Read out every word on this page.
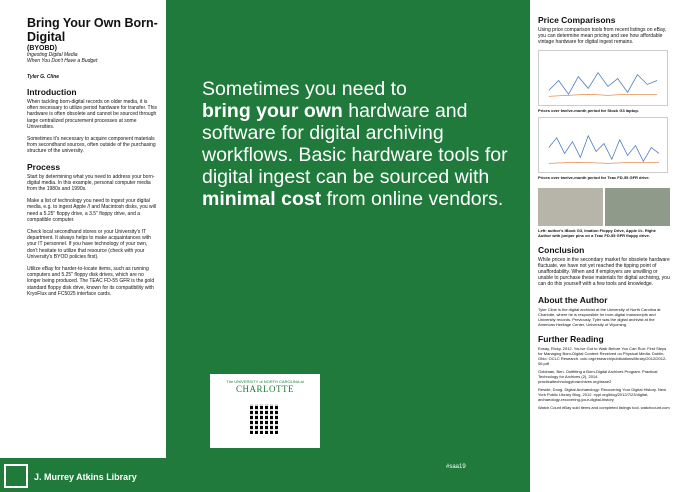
Bring Your Own Born- Digital
(BYOBD)
Ingesting Digital Media
When You Don't Have a Budget
Tyler G. Cline
Introduction

When tackling born-digital records on older media, it is often necessary to utilize period hardware for transfer. This hardware is often obsolete and cannot be sourced through large centralized procurement processes at some Universities.

Sometimes it's necessary to acquire component materials from secondhand sources, often outside of the purchasing structure of the university.

Process

Start by determining what you need to address your born-digital media. In this example, personal computer media from the 1980s and 1990s.

Make a list of technology you need to ingest your digital media, e.g. to ingest Apple // and Macintosh disks, you will need a 5.25" floppy drive, a 3.5" floppy drive, and a compatible computer.

Check local secondhand stores or your University's IT department. It always helps to make acquaintances with your IT personnel. If you have technology of your own, don't hesitate to utilize that resource (check with your University's BYOD policies first).

Utilize eBay for harder-to-locate items, such as running computers and 5.25" floppy disk drives, which are no longer being produced. The TEAC FD-55 GFR is the gold standard floppy disk drive, known for its compatibility with KryoFlux and FC5025 interface cards.

J. Murrey Atkins Library
Sometimes you need to
bring your own hardware and software for digital archiving workflows. Basic hardware tools for digital ingest can be sourced with minimal cost from online vendors.
The UNIVERSITY of NORTH CAROLINA at
CHARLOTTE
#saa19
Price Comparisons

Using price comparison tools from recent listings on eBay, you can determine mean pricing and see how affordable vintage hardware for digital ingest remains.

Prices over twelve-month period for Stock G3 laptop.
Prices over twelve-month period for Teac FD-55 GFR drive.
Left: author's iBook G3, Imation Floppy Drive, Apple //c. Right: Author with juniper pins on a Teac FD-55 GFR floppy drive.
Conclusion

While prices in the secondary market for obsolete hardware fluctuate, we have not yet reached the tipping point of unaffordability. When and if employers are unwilling or unable to purchase these materials for digital archiving, you can do this yourself with a few tools and knowledge.

About the Author

Tyler Cline is the digital archivist at the University of North Carolina at Charlotte, where he is responsible for born-digital manuscripts and University records. Previously, Tyler was the digital archivist at the American Heritage Center, University of Wyoming.

Further Reading

Erway, Ricky. 2012. You've Got to Walk Before You Can Run: First Steps for Managing Born-Digital Content Received on Physical Media. Dublin, Ohio: OCLC Research. oclc.org/research/publications/library/2012/2012-06.pdf

Goldman, Ben. Outfitting a Born-Digital Archives Program. Practical Technology for Archives (2), 2014. practicaltechnologyforarchives.org/issue2

Reside, Doug. Digital Archaeology: Recovering Your Digital History. New York Public Library Blog, 2012. nypl.org/blog/2012/7/23/digital-archaeology-recovering-your-digital-history

Watch Count eBay sold items and completed listings tool. watchcount.com
